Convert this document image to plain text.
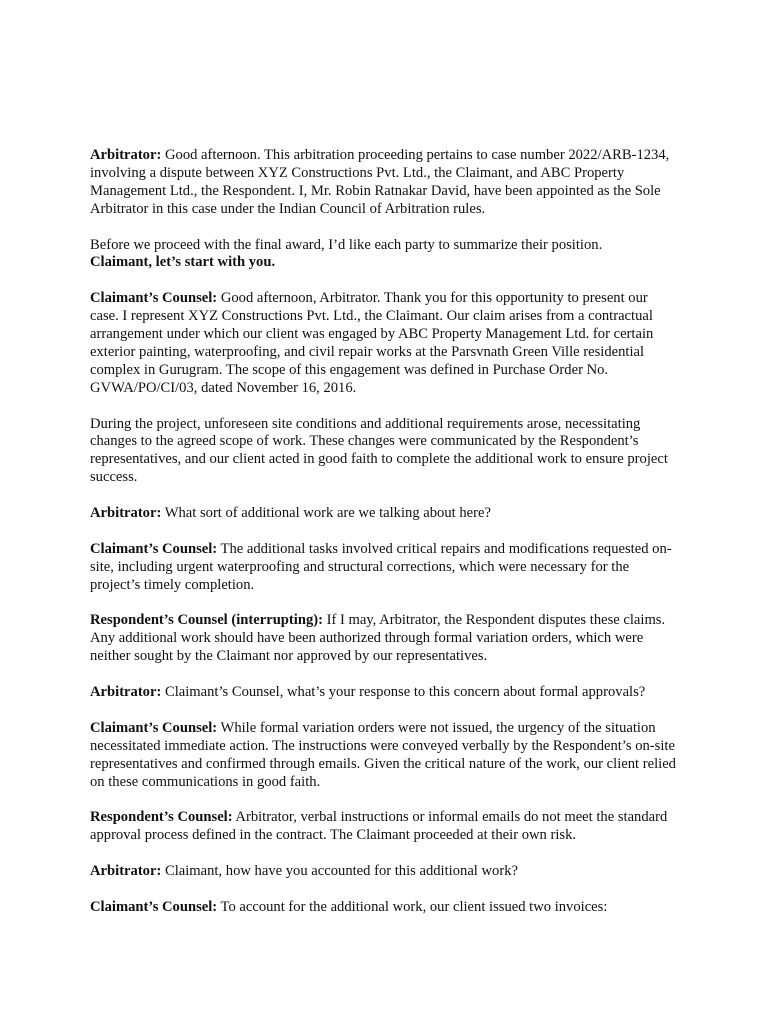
Arbitrator: Good afternoon. This arbitration proceeding pertains to case number 2022/ARB-1234, involving a dispute between XYZ Constructions Pvt. Ltd., the Claimant, and ABC Property Management Ltd., the Respondent. I, Mr. Robin Ratnakar David, have been appointed as the Sole Arbitrator in this case under the Indian Council of Arbitration rules.

Before we proceed with the final award, I’d like each party to summarize their position.
Claimant, let’s start with you.

Claimant’s Counsel: Good afternoon, Arbitrator. Thank you for this opportunity to present our case. I represent XYZ Constructions Pvt. Ltd., the Claimant. Our claim arises from a contractual arrangement under which our client was engaged by ABC Property Management Ltd. for certain exterior painting, waterproofing, and civil repair works at the Parsvnath Green Ville residential complex in Gurugram. The scope of this engagement was defined in Purchase Order No. GVWA/PO/CI/03, dated November 16, 2016.

During the project, unforeseen site conditions and additional requirements arose, necessitating changes to the agreed scope of work. These changes were communicated by the Respondent’s representatives, and our client acted in good faith to complete the additional work to ensure project success.

Arbitrator: What sort of additional work are we talking about here?

Claimant’s Counsel: The additional tasks involved critical repairs and modifications requested on-site, including urgent waterproofing and structural corrections, which were necessary for the project’s timely completion.

Respondent’s Counsel (interrupting): If I may, Arbitrator, the Respondent disputes these claims. Any additional work should have been authorized through formal variation orders, which were neither sought by the Claimant nor approved by our representatives.

Arbitrator: Claimant’s Counsel, what’s your response to this concern about formal approvals?

Claimant’s Counsel: While formal variation orders were not issued, the urgency of the situation necessitated immediate action. The instructions were conveyed verbally by the Respondent’s on-site representatives and confirmed through emails. Given the critical nature of the work, our client relied on these communications in good faith.

Respondent’s Counsel: Arbitrator, verbal instructions or informal emails do not meet the standard approval process defined in the contract. The Claimant proceeded at their own risk.

Arbitrator: Claimant, how have you accounted for this additional work?

Claimant’s Counsel: To account for the additional work, our client issued two invoices:
